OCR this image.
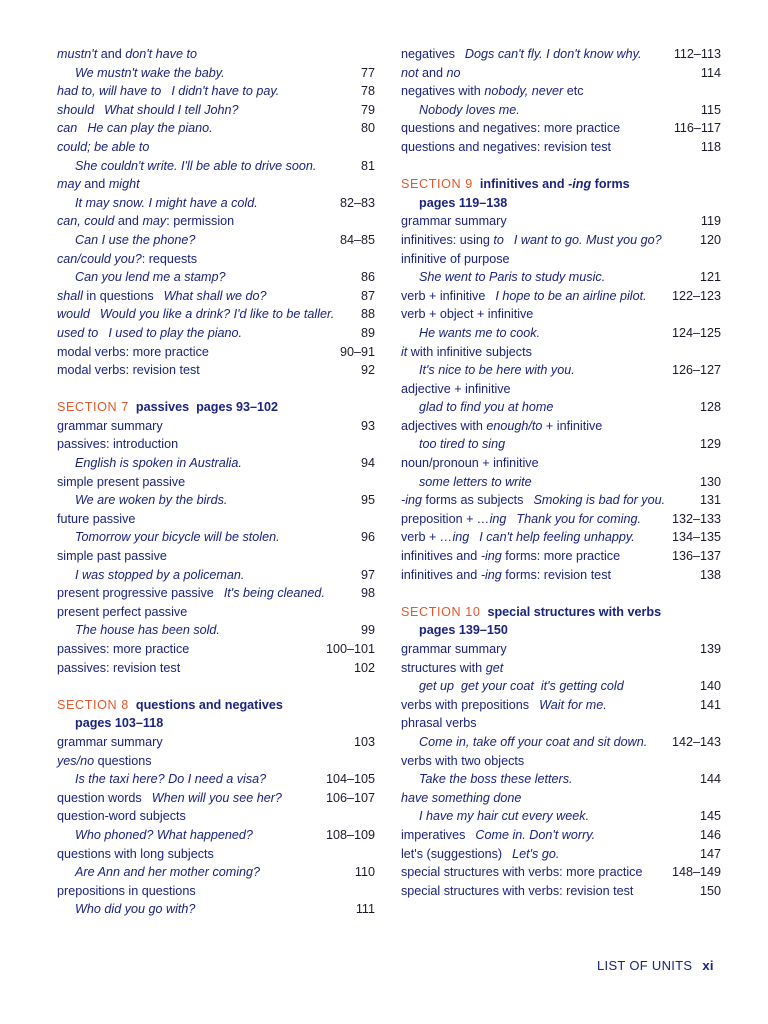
mustn't and don't have to
We mustn't wake the baby.	77
had to, will have to I didn't have to pay.	78
should What should I tell John?	79
can He can play the piano.	80
could; be able to
She couldn't write. I'll be able to drive soon.	81
may and might
It may snow. I might have a cold.	82–83
can, could and may: permission
Can I use the phone?	84–85
can/could you?: requests
Can you lend me a stamp?	86
shall in questions What shall we do?	87
would Would you like a drink? I'd like to be taller. 88
used to I used to play the piano.	89
modal verbs: more practice	90–91
modal verbs: revision test	92
SECTION 7 passives pages 93–102
grammar summary	93
passives: introduction
English is spoken in Australia.	94
simple present passive
We are woken by the birds.	95
future passive
Tomorrow your bicycle will be stolen.	96
simple past passive
I was stopped by a policeman.	97
present progressive passive It's being cleaned.	98
present perfect passive
The house has been sold.	99
passives: more practice	100–101
passives: revision test	102
SECTION 8 questions and negatives
pages 103–118
grammar summary	103
yes/no questions
Is the taxi here? Do I need a visa?	104–105
question words When will you see her?	106–107
question-word subjects
Who phoned? What happened?	108–109
questions with long subjects
Are Ann and her mother coming?	110
prepositions in questions
Who did you go with?	111
negatives Dogs can't fly. I don't know why.	112–113
not and no	114
negatives with nobody, never etc
Nobody loves me.	115
questions and negatives: more practice	116–117
questions and negatives: revision test	118
SECTION 9 infinitives and -ing forms
pages 119–138
grammar summary	119
infinitives: using to I want to go. Must you go?	120
infinitive of purpose
She went to Paris to study music.	121
verb + infinitive I hope to be an airline pilot. 122–123
verb + object + infinitive
He wants me to cook.	124–125
it with infinitive subjects
It's nice to be here with you.	126–127
adjective + infinitive
glad to find you at home	128
adjectives with enough/to + infinitive
too tired to sing	129
noun/pronoun + infinitive
some letters to write	130
-ing forms as subjects Smoking is bad for you.	131
preposition + …ing Thank you for coming. 132–133
verb + …ing I can't help feeling unhappy.	134–135
infinitives and -ing forms: more practice	136–137
infinitives and -ing forms: revision test	138
SECTION 10 special structures with verbs
pages 139–150
grammar summary	139
structures with get
get up  get your coat  it's getting cold	140
verbs with prepositions Wait for me.	141
phrasal verbs
Come in, take off your coat and sit down. 142–143
verbs with two objects
Take the boss these letters.	144
have something done
I have my hair cut every week.	145
imperatives Come in. Don't worry.	146
let's (suggestions) Let's go.	147
special structures with verbs: more practice 148–149
special structures with verbs: revision test	150
LIST OF UNITS xi
